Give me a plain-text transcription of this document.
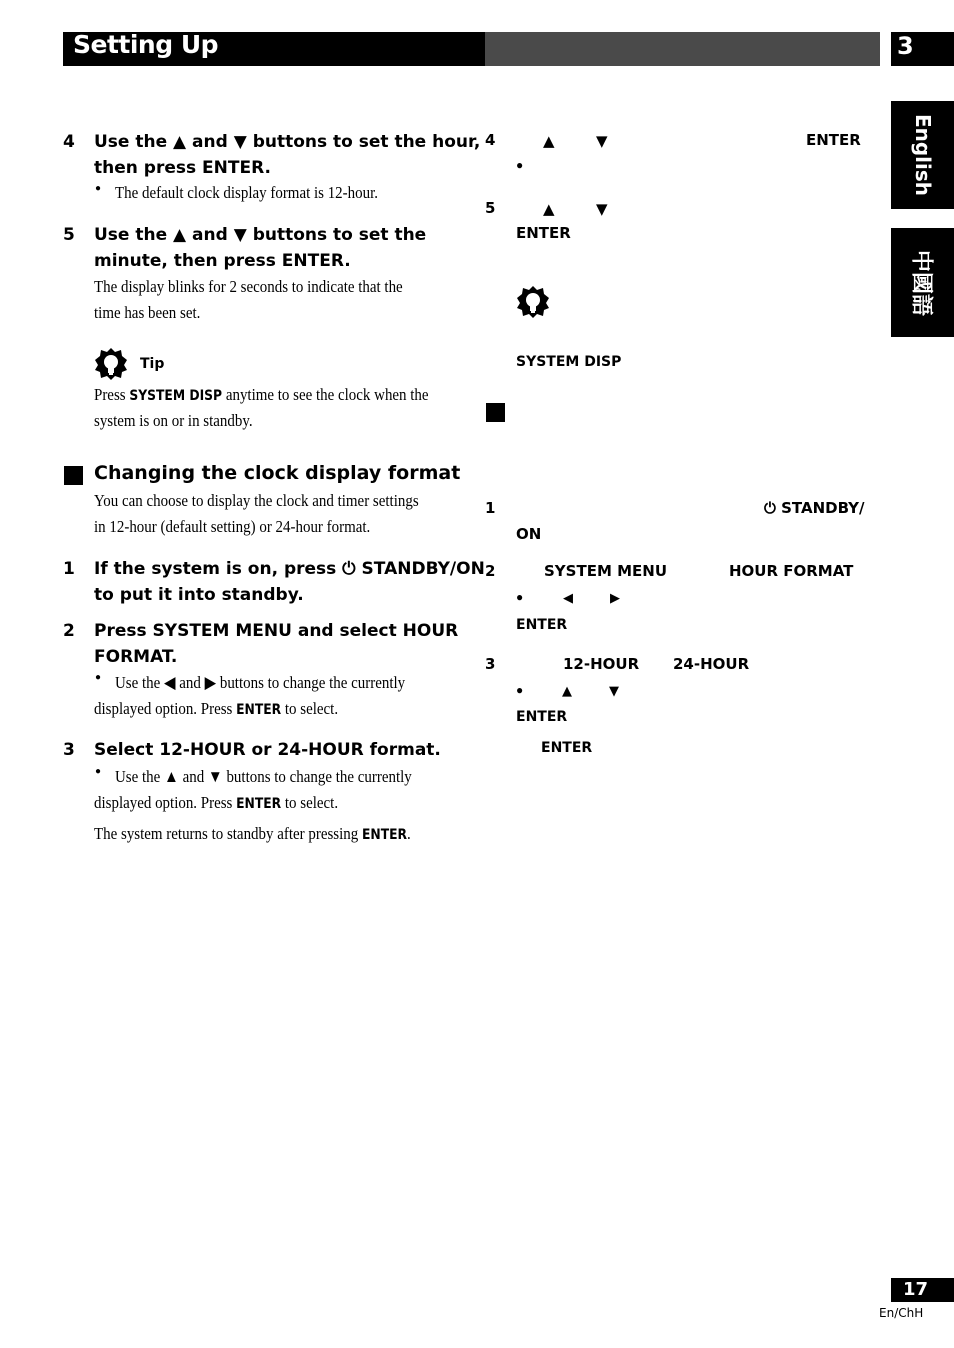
Setting Up	3
English
中國語
4 Use the ▲ and ▼ buttons to set the hour,
then press ENTER.
● The default clock display format is 12-hour.
5 Use the ▲ and ▼ buttons to set the
minute, then press ENTER.
The display blinks for 2 seconds to indicate that the
time has been set.
Tip
Press SYSTEM DISP anytime to see the clock when the
system is on or in standby.
Changing the clock display format
You can choose to display the clock and timer settings
in 12-hour (default setting) or 24-hour format.
1 If the system is on, press ⏻ STANDBY/ON
to put it into standby.
2 Press SYSTEM MENU and select HOUR
FORMAT.
● Use the ◀ and ▶ buttons to change the currently
displayed option. Press ENTER to select.
3 Select 12-HOUR or 24-HOUR format.
● Use the ▲ and ▼ buttons to change the currently
displayed option. Press ENTER to select.
The system returns to standby after pressing ENTER.
4	▲	▼	ENTER
●
5	▲	▼
ENTER
SYSTEM DISP
1	⏻ STANDBY/
ON
2	SYSTEM MENU	HOUR FORMAT
●	◀	▶
ENTER
3	12-HOUR 24-HOUR
●	▲	▼
ENTER
ENTER
17
En/ChH
